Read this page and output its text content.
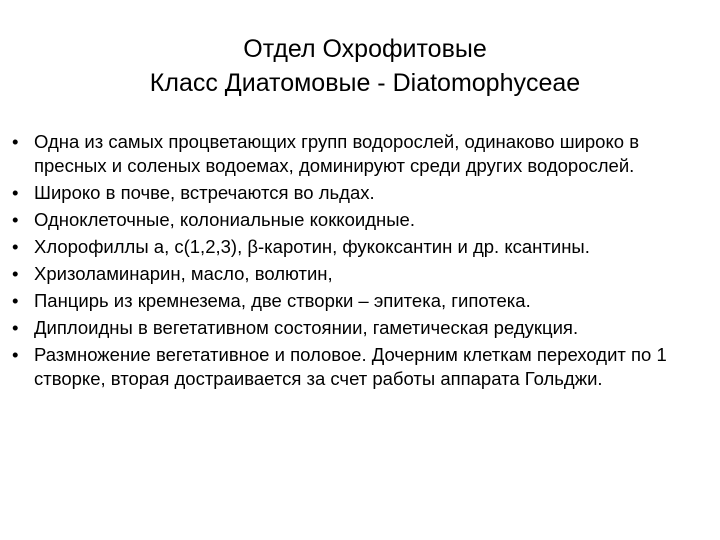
Отдел Охрофитовые
Класс Диатомовые - Diatomophyceae
• Одна из самых процветающих групп водорослей, одинаково широко в пресных и соленых водоемах, доминируют среди других водорослей.
• Широко в почве, встречаются во льдах.
• Одноклеточные, колониальные коккоидные.
• Хлорофиллы а, с(1,2,3), β-каротин, фукоксантин и др. ксантины.
• Хризоламинарин, масло, волютин,
• Панцирь из кремнезема, две створки – эпитека, гипотека.
• Диплоидны в вегетативном состоянии, гаметическая редукция.
• Размножение вегетативное и половое. Дочерним клеткам переходит по 1 створке, вторая достраивается за счет работы аппарата Гольджи.
